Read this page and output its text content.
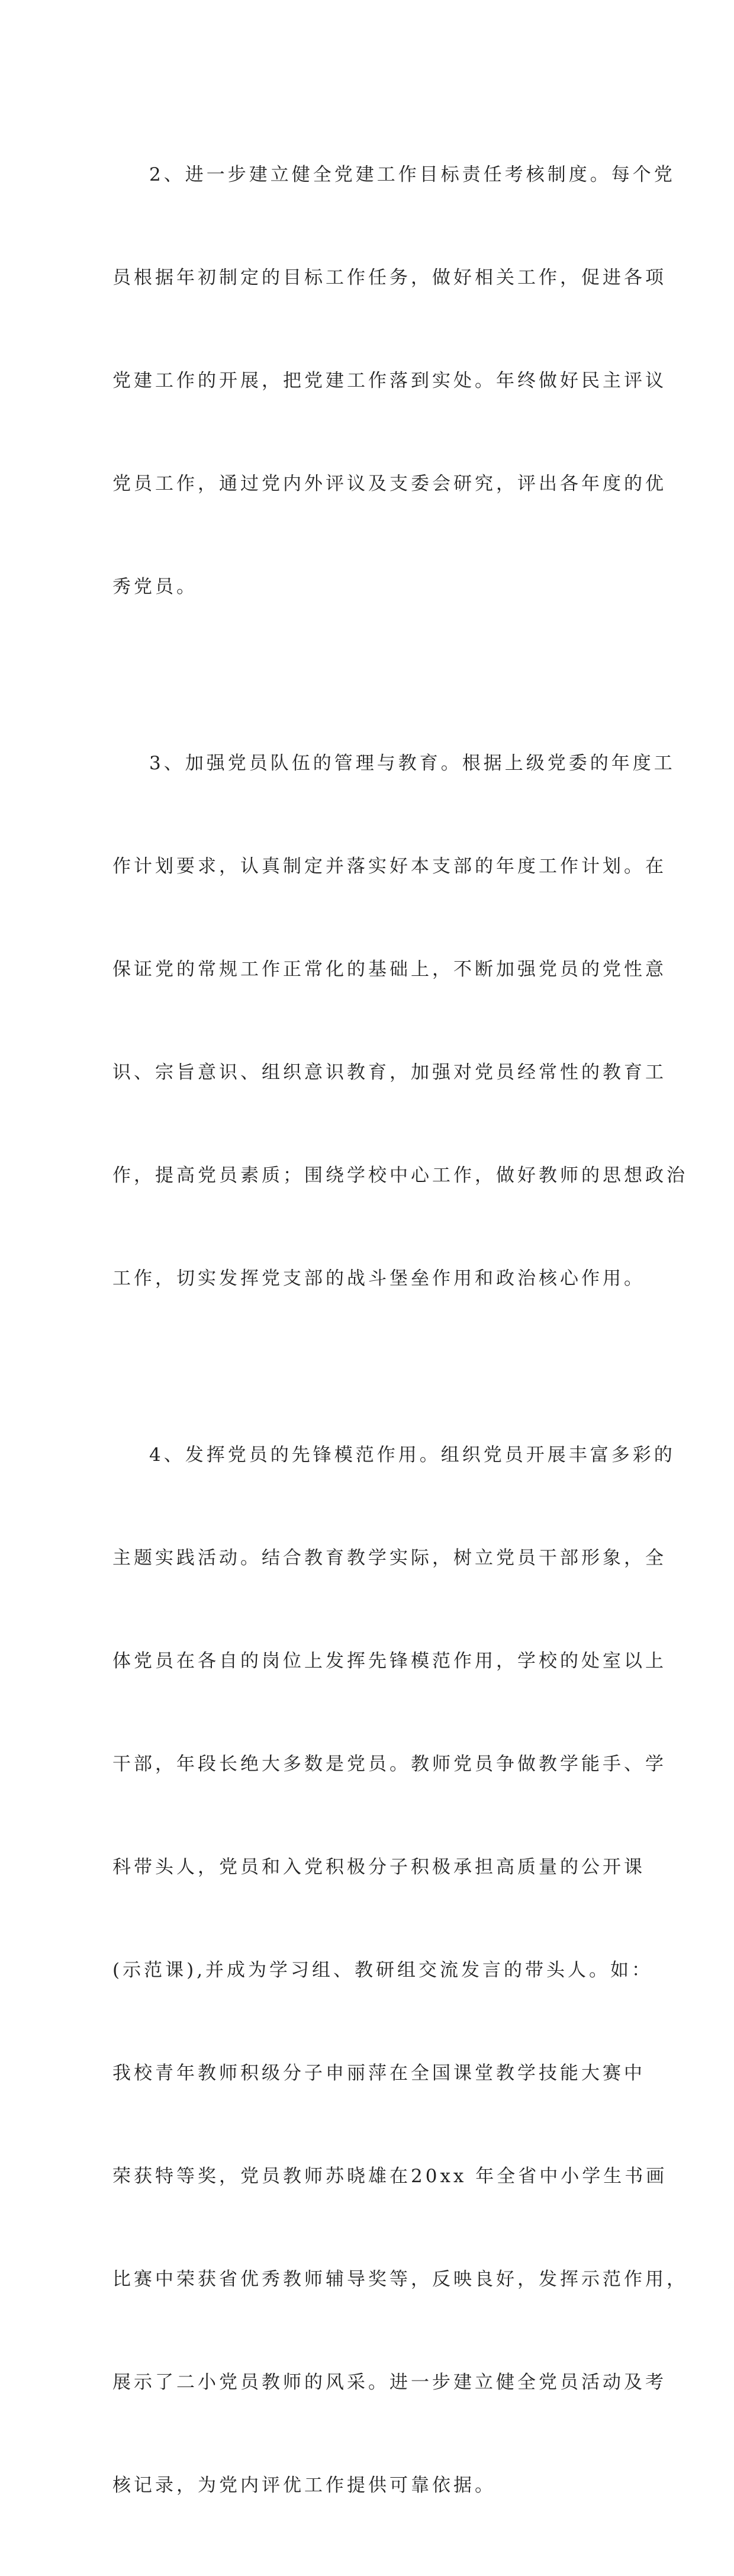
2、进一步建立健全党建工作目标责任考核制度。每个党

员根据年初制定的目标工作任务，做好相关工作，促进各项

党建工作的开展，把党建工作落到实处。年终做好民主评议

党员工作，通过党内外评议及支委会研究，评出各年度的优

秀党员。

3、加强党员队伍的管理与教育。根据上级党委的年度工

作计划要求，认真制定并落实好本支部的年度工作计划。在

保证党的常规工作正常化的基础上，不断加强党员的党性意

识、宗旨意识、组织意识教育，加强对党员经常性的教育工

作，提高党员素质；围绕学校中心工作，做好教师的思想政治

工作，切实发挥党支部的战斗堡垒作用和政治核心作用。

4、发挥党员的先锋模范作用。组织党员开展丰富多彩的

主题实践活动。结合教育教学实际，树立党员干部形象，全

体党员在各自的岗位上发挥先锋模范作用，学校的处室以上

干部，年段长绝大多数是党员。教师党员争做教学能手、学

科带头人，党员和入党积极分子积极承担高质量的公开课

(示范课),并成为学习组、教研组交流发言的带头人。如：

我校青年教师积级分子申丽萍在全国课堂教学技能大赛中

荣获特等奖，党员教师苏晓雄在20xx 年全省中小学生书画

比赛中荣获省优秀教师辅导奖等，反映良好，发挥示范作用，

展示了二小党员教师的风采。进一步建立健全党员活动及考

核记录，为党内评优工作提供可靠依据。
